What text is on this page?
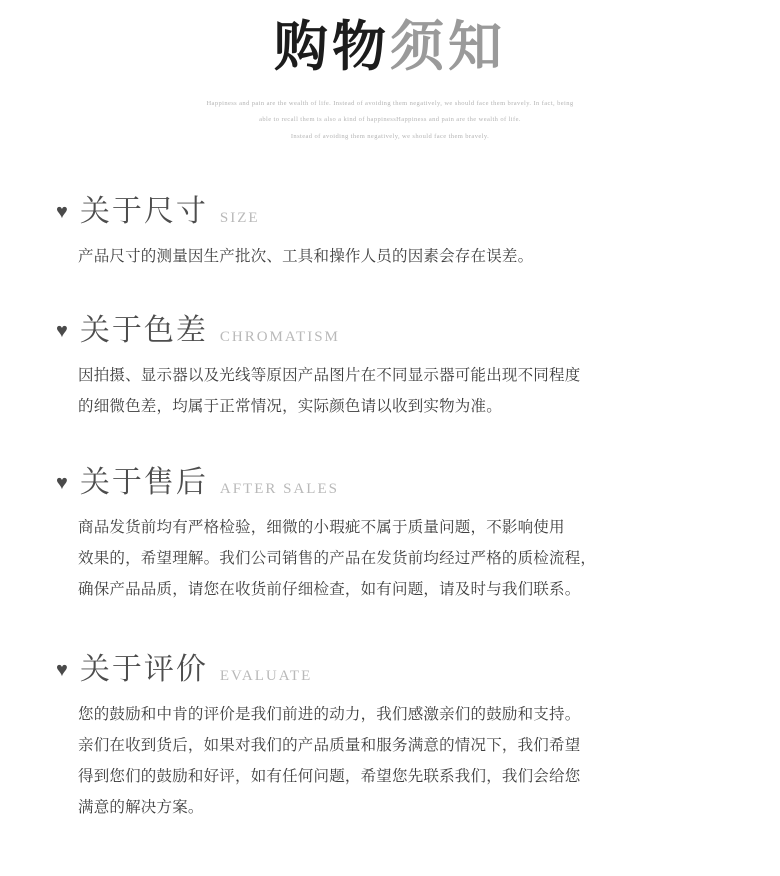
购物须知
Happiness and pain are the wealth of life. Instead of avoiding them negatively, we should face them bravely. In fact, being
able to recall them is also a kind of happinessHappiness and pain are the wealth of life.
Instead of avoiding them negatively, we should face them bravely.
♥ 关于尺寸 SIZE
产品尺寸的测量因生产批次、工具和操作人员的因素会存在误差。
♥ 关于色差 CHROMATISM
因拍摄、显示器以及光线等原因产品图片在不同显示器可能出现不同程度
的细微色差，均属于正常情况，实际颜色请以收到实物为准。
♥ 关于售后 AFTER SALES
商品发货前均有严格检验，细微的小瑕疵不属于质量问题，不影响使用
效果的，希望理解。我们公司销售的产品在发货前均经过严格的质检流程，
确保产品品质，请您在收货前仔细检查，如有问题，请及时与我们联系。
♥ 关于评价 EVALUATE
您的鼓励和中肯的评价是我们前进的动力，我们感激亲们的鼓励和支持。
亲们在收到货后，如果对我们的产品质量和服务满意的情况下，我们希望
得到您们的鼓励和好评，如有任何问题，希望您先联系我们，我们会给您
满意的解决方案。
